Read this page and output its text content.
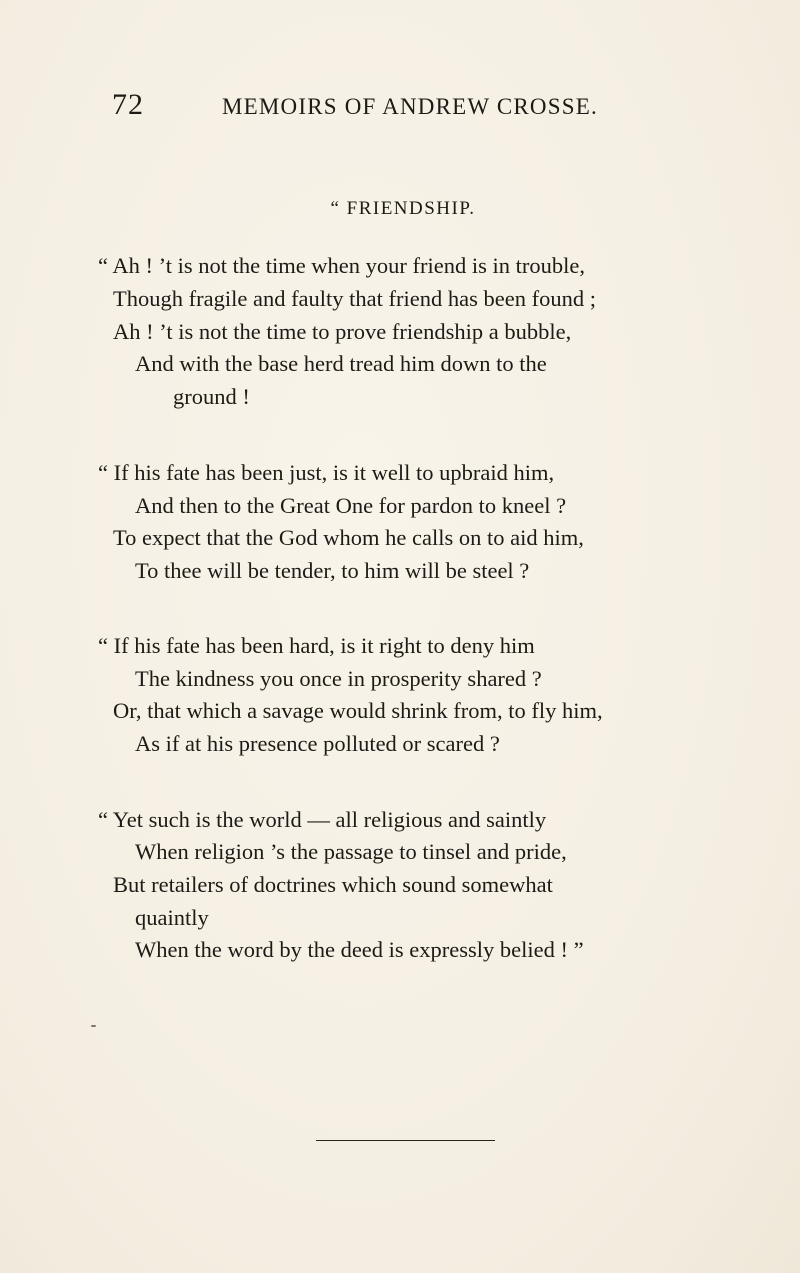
72	MEMOIRS OF ANDREW CROSSE.
“ FRIENDSHIP.
“ Ah ! ’t is not the time when your friend is in trouble,
Though fragile and faulty that friend has been found ;
Ah ! ’t is not the time to prove friendship a bubble,
And with the base herd tread him down to the
ground !
“ If his fate has been just, is it well to upbraid him,
And then to the Great One for pardon to kneel ?
To expect that the God whom he calls on to aid him,
To thee will be tender, to him will be steel ?
“ If his fate has been hard, is it right to deny him
The kindness you once in prosperity shared ?
Or, that which a savage would shrink from, to fly him,
As if at his presence polluted or scared ?
“ Yet such is the world — all religious and saintly
When religion ’s the passage to tinsel and pride,
But retailers of doctrines which sound somewhat
quaintly
When the word by the deed is expressly belied ! ”
